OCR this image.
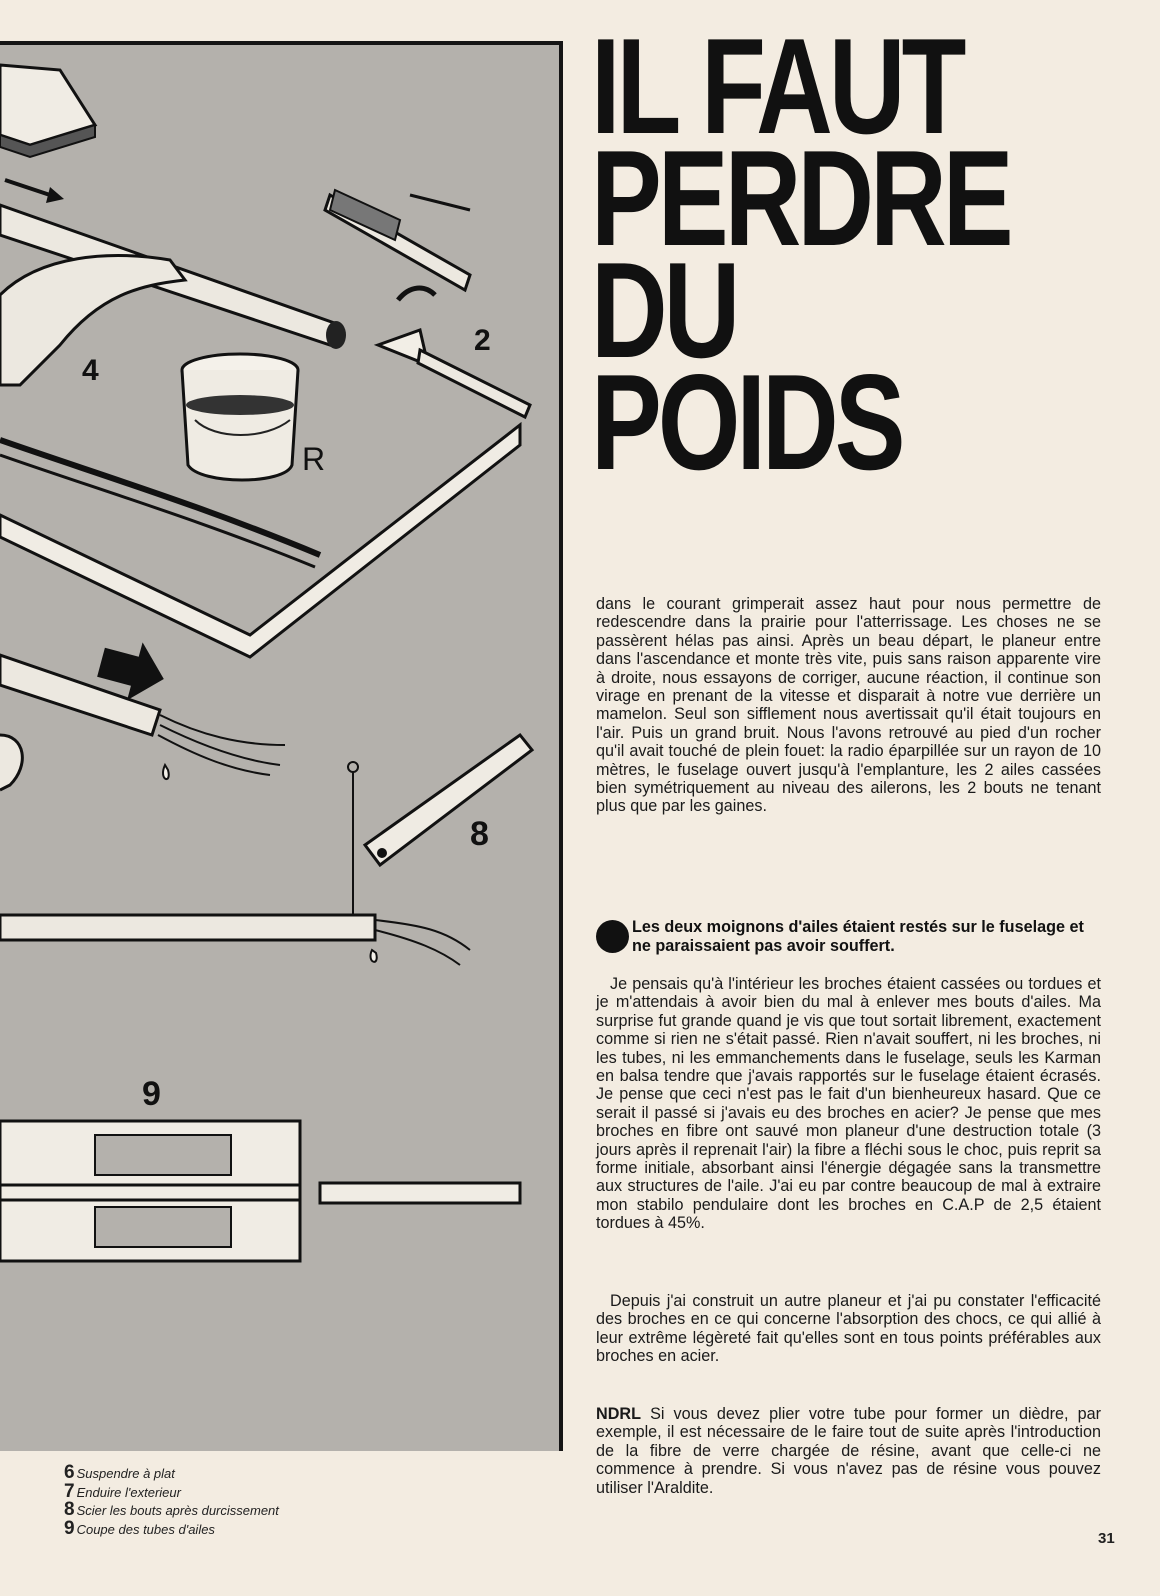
4
2
R
8
9
IL FAUT
PERDRE
DU
POIDS

dans le courant grimperait assez haut pour nous permettre de redescendre dans la prairie pour l'atterrissage. Les choses ne se passèrent hélas pas ainsi. Après un beau départ, le planeur entre dans l'ascendance et monte très vite, puis sans raison apparente vire à droite, nous essayons de corriger, aucune réaction, il continue son virage en prenant de la vitesse et disparait à notre vue derrière un mamelon. Seul son sifflement nous avertissait qu'il était toujours en l'air. Puis un grand bruit. Nous l'avons retrouvé au pied d'un rocher qu'il avait touché de plein fouet: la radio éparpillée sur un rayon de 10 mètres, le fuselage ouvert jusqu'à l'emplanture, les 2 ailes cassées bien symétriquement au niveau des ailerons, les 2 bouts ne tenant plus que par les gaines.

Les deux moignons d'ailes étaient restés sur le fuselage et ne paraissaient pas avoir souffert.

Je pensais qu'à l'intérieur les broches étaient cassées ou tordues et je m'attendais à avoir bien du mal à enlever mes bouts d'ailes. Ma surprise fut grande quand je vis que tout sortait librement, exactement comme si rien ne s'était passé. Rien n'avait souffert, ni les broches, ni les tubes, ni les emmanchements dans le fuselage, seuls les Karman en balsa tendre que j'avais rapportés sur le fuselage étaient écrasés. Je pense que ceci n'est pas le fait d'un bienheureux hasard. Que ce serait il passé si j'avais eu des broches en acier? Je pense que mes broches en fibre ont sauvé mon planeur d'une destruction totale (3 jours après il reprenait l'air) la fibre a fléchi sous le choc, puis reprit sa forme initiale, absorbant ainsi l'énergie dégagée sans la transmettre aux structures de l'aile. J'ai eu par contre beaucoup de mal à extraire mon stabilo pendulaire dont les broches en C.A.P de 2,5 étaient tordues à 45%.

Depuis j'ai construit un autre planeur et j'ai pu constater l'efficacité des broches en ce qui concerne l'absorption des chocs, ce qui allié à leur extrême légèreté fait qu'elles sont en tous points préférables aux broches en acier.

NDRL Si vous devez plier votre tube pour former un dièdre, par exemple, il est nécessaire de le faire tout de suite après l'introduction de la fibre de verre chargée de résine, avant que celle-ci ne commence à prendre. Si vous n'avez pas de résine vous pouvez utiliser l'Araldite.

6 Suspendre à plat
7 Enduire l'exterieur
8 Scier les bouts après durcissement
9 Coupe des tubes d'ailes
31
